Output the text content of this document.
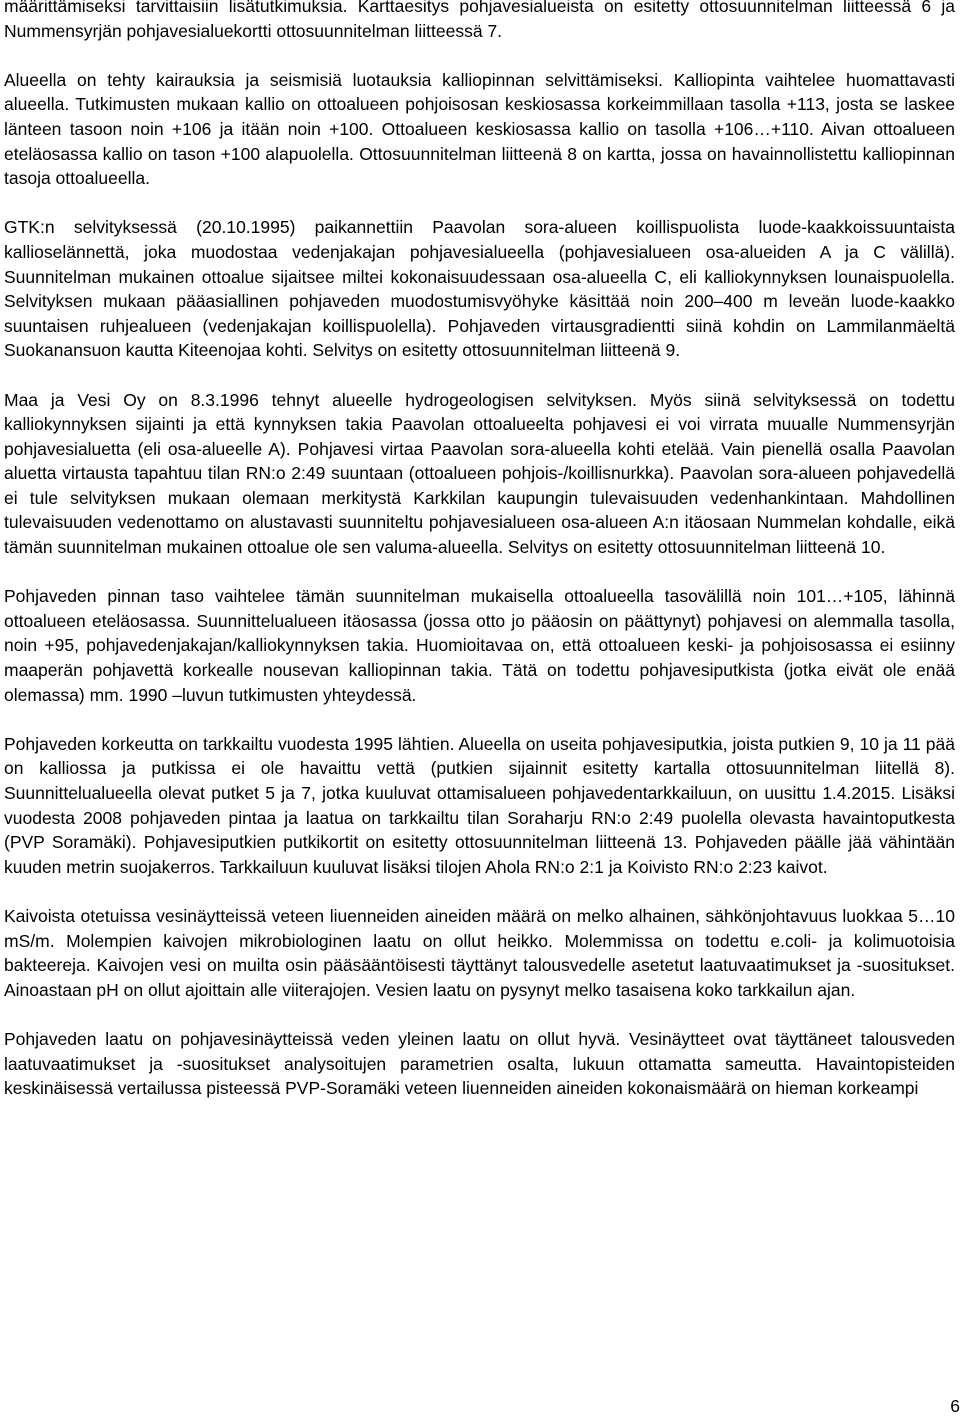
määrittämiseksi tarvittaisiin lisätutkimuksia. Karttaesitys pohjavesialueista on esitetty ottosuunnitelman liitteessä 6 ja Nummensyrjän pohjavesialuekortti ottosuunnitelman liitteessä 7.

Alueella on tehty kairauksia ja seismisiä luotauksia kalliopinnan selvittämiseksi. Kalliopinta vaihtelee huomattavasti alueella. Tutkimusten mukaan kallio on ottoalueen pohjoisosan keskiosassa korkeimmillaan tasolla +113, josta se laskee länteen tasoon noin +106 ja itään noin +100. Ottoalueen keskiosassa kallio on tasolla +106…+110. Aivan ottoalueen eteläosassa kallio on tason +100 alapuolella. Ottosuunnitelman liitteenä 8 on kartta, jossa on havainnollistettu kalliopinnan tasoja ottoalueella.

GTK:n selvityksessä (20.10.1995) paikannettiin Paavolan sora-alueen koillispuolista luode-kaakkoissuuntaista kallioselännettä, joka muodostaa vedenjakajan pohjavesialueella (pohjavesialueen osa-alueiden A ja C välillä). Suunnitelman mukainen ottoalue sijaitsee miltei kokonaisuudessaan osa-alueella C, eli kalliokynnyksen lounaispuolella. Selvityksen mukaan pääasiallinen pohjaveden muodostumisvyöhyke käsittää noin 200–400 m leveän luode-kaakko suuntaisen ruhjealueen (vedenjakajan koillispuolella). Pohjaveden virtausgradientti siinä kohdin on Lammilanmäeltä Suokanansuon kautta Kiteenojaa kohti. Selvitys on esitetty ottosuunnitelman liitteenä 9.

Maa ja Vesi Oy on 8.3.1996 tehnyt alueelle hydrogeologisen selvityksen. Myös siinä selvityksessä on todettu kalliokynnyksen sijainti ja että kynnyksen takia Paavolan ottoalueelta pohjavesi ei voi virrata muualle Nummensyrjän pohjavesialuetta (eli osa-alueelle A). Pohjavesi virtaa Paavolan sora-alueella kohti etelää. Vain pienellä osalla Paavolan aluetta virtausta tapahtuu tilan RN:o 2:49 suuntaan (ottoalueen pohjois-/koillisnurkka). Paavolan sora-alueen pohjavedellä ei tule selvityksen mukaan olemaan merkitystä Karkkilan kaupungin tulevaisuuden vedenhankintaan. Mahdollinen tulevaisuuden vedenottamo on alustavasti suunniteltu pohjavesialueen osa-alueen A:n itäosaan Nummelan kohdalle, eikä tämän suunnitelman mukainen ottoalue ole sen valuma-alueella. Selvitys on esitetty ottosuunnitelman liitteenä 10.

Pohjaveden pinnan taso vaihtelee tämän suunnitelman mukaisella ottoalueella tasovälillä noin 101…+105, lähinnä ottoalueen eteläosassa. Suunnittelualueen itäosassa (jossa otto jo pääosin on päättynyt) pohjavesi on alemmalla tasolla, noin +95, pohjavedenjakajan/kalliokynnyksen takia. Huomioitavaa on, että ottoalueen keski- ja pohjoisosassa ei esiinny maaperän pohjavettä korkealle nousevan kalliopinnan takia. Tätä on todettu pohjavesiputkista (jotka eivät ole enää olemassa) mm. 1990 –luvun tutkimusten yhteydessä.

Pohjaveden korkeutta on tarkkailtu vuodesta 1995 lähtien. Alueella on useita pohjavesiputkia, joista putkien 9, 10 ja 11 pää on kalliossa ja putkissa ei ole havaittu vettä (putkien sijainnit esitetty kartalla ottosuunnitelman liitellä 8). Suunnittelualueella olevat putket 5 ja 7, jotka kuuluvat ottamisalueen pohjavedentarkkailuun, on uusittu 1.4.2015. Lisäksi vuodesta 2008 pohjaveden pintaa ja laatua on tarkkailtu tilan Soraharju RN:o 2:49 puolella olevasta havaintoputkesta (PVP Soramäki). Pohjavesiputkien putkikortit on esitetty ottosuunnitelman liitteenä 13. Pohjaveden päälle jää vähintään kuuden metrin suojakerros. Tarkkailuun kuuluvat lisäksi tilojen Ahola RN:o 2:1 ja Koivisto RN:o 2:23 kaivot.

Kaivoista otetuissa vesinäytteissä veteen liuenneiden aineiden määrä on melko alhainen, sähkönjohtavuus luokkaa 5…10 mS/m. Molempien kaivojen mikrobiologinen laatu on ollut heikko. Molemmissa on todettu e.coli- ja kolimuotoisia bakteereja. Kaivojen vesi on muilta osin pääsääntöisesti täyttänyt talousvedelle asetetut laatuvaatimukset ja -suositukset. Ainoastaan pH on ollut ajoittain alle viiterajojen. Vesien laatu on pysynyt melko tasaisena koko tarkkailun ajan.

Pohjaveden laatu on pohjavesinäytteissä veden yleinen laatu on ollut hyvä. Vesinäytteet ovat täyttäneet talousveden laatuvaatimukset ja -suositukset analysoitujen parametrien osalta, lukuun ottamatta sameutta. Havaintopisteiden keskinäisessä vertailussa pisteessä PVP-Soramäki veteen liuenneiden aineiden kokonaismäärä on hieman korkeampi

6
